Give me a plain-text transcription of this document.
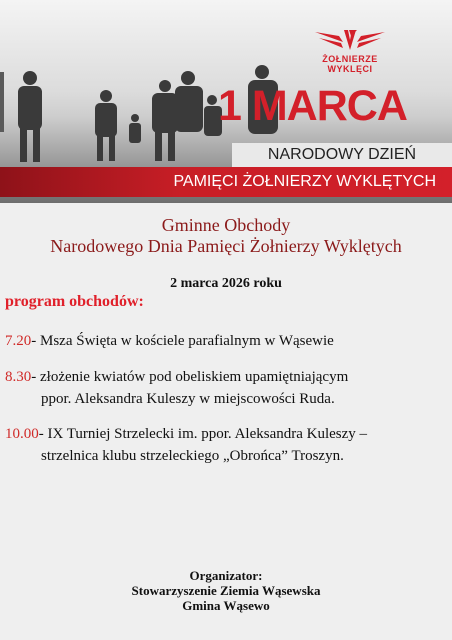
ŻOŁNIERZE
WYKLĘCI
1 MARCA
NARODOWY DZIEŃ
PAMIĘCI ŻOŁNIERZY WYKLĘTYCH
Gminne Obchody
Narodowego Dnia Pamięci Żołnierzy Wyklętych
2 marca 2026 roku
program obchodów:
7.20- Msza Święta w kościele parafialnym w Wąsewie
8.30- złożenie kwiatów pod obeliskiem upamiętniającym
ppor. Aleksandra Kuleszy w miejscowości Ruda.
10.00- IX Turniej Strzelecki im. ppor. Aleksandra Kuleszy –
strzelnica klubu strzeleckiego „Obrońca” Troszyn.
Organizator:
Stowarzyszenie Ziemia Wąsewska
Gmina Wąsewo
